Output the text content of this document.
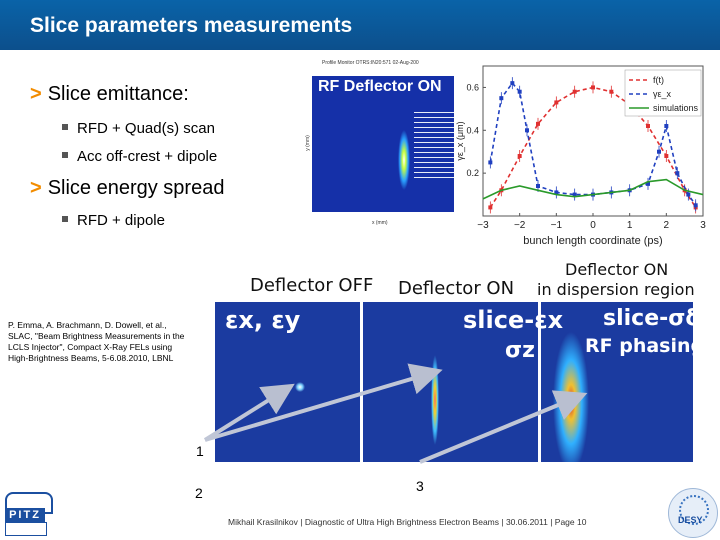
Slice parameters measurements
> Slice emittance:
RFD + Quad(s) scan
Acc off-crest + dipole
> Slice energy spread
RFD + dipole
Profile Monitor OTRS:IN20:571 02-Aug-200
RF Deflector ON
y (mm)
x (mm)	−3	−2	−1	0	1	2	3
0.2
0.4
0.6
bunch length coordinate (ps)
γε_x (μm)
f(t)
γε_x
simulations
Deflector OFF Deflector ON
Deflector ON
in dispersion region
εx, εy	slice-εx
σz
slice-σδ
RF phasing
1
2	3
P. Emma, A. Brachmann, D. Dowell, et al., SLAC, "Beam Brightness Measurements in the LCLS Injector", Compact X-Ray FELs using High-Brightness Beams, 5-6.08.2010, LBNL
PITZ
Mikhail Krasilnikov | Diagnostic of Ultra High Brightness Electron Beams | 30.06.2011 | Page 10	DESY
